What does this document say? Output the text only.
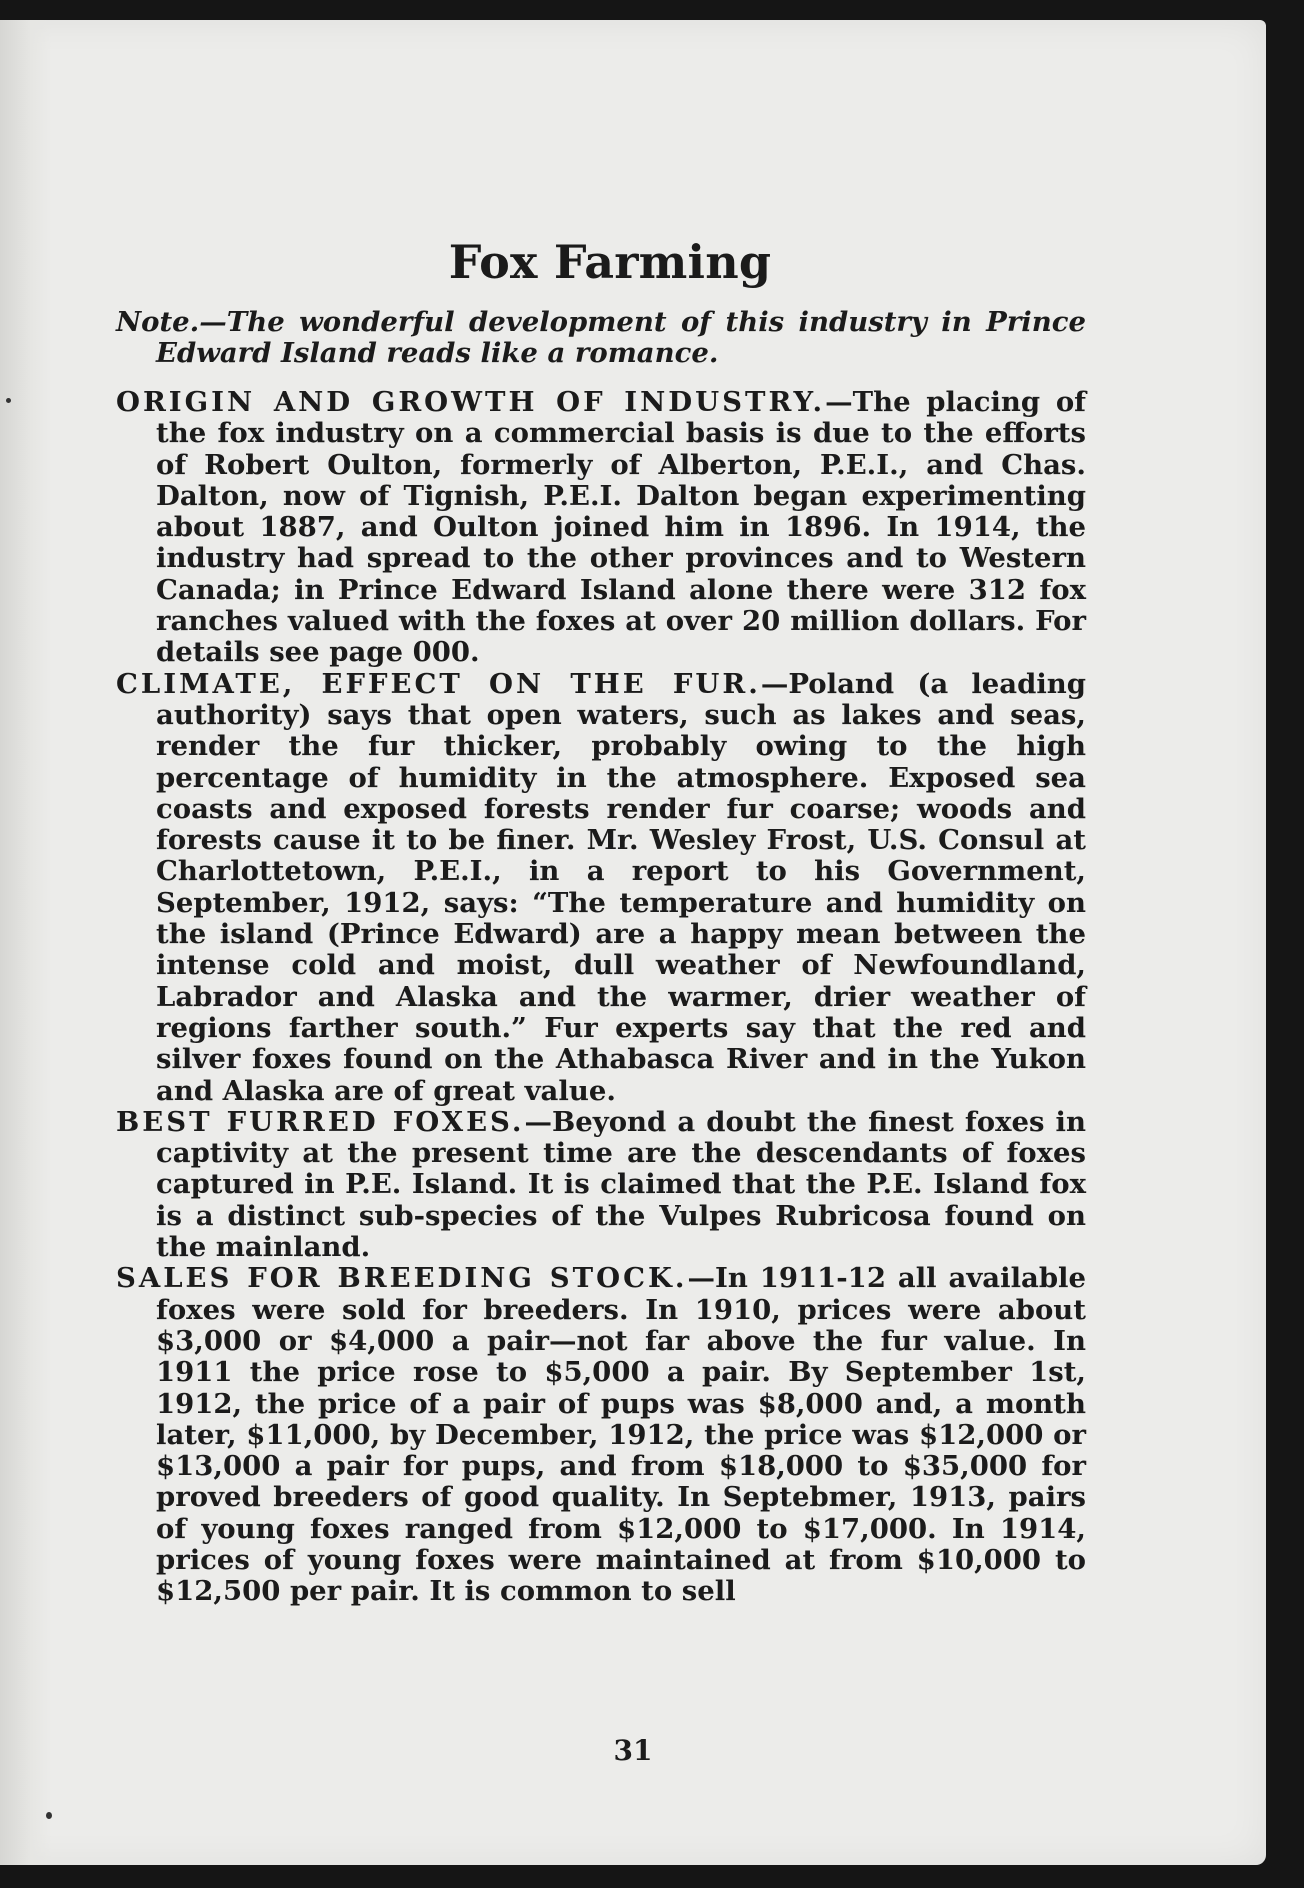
31
Fox Farming

Note.—The wonderful development of this industry in Prince Edward Island reads like a romance.

ORIGIN AND GROWTH OF INDUSTRY.—The placing of the fox industry on a commercial basis is due to the efforts of Robert Oulton, formerly of Alberton, P.E.I., and Chas. Dalton, now of Tignish, P.E.I. Dalton began experimenting about 1887, and Oulton joined him in 1896. In 1914, the industry had spread to the other provinces and to Western Canada; in Prince Edward Island alone there were 312 fox ranches valued with the foxes at over 20 million dollars. For details see page 000.

CLIMATE, EFFECT ON THE FUR.—Poland (a leading authority) says that open waters, such as lakes and seas, render the fur thicker, probably owing to the high percentage of humidity in the atmosphere. Exposed sea coasts and exposed forests render fur coarse; woods and forests cause it to be finer. Mr. Wesley Frost, U.S. Consul at Charlottetown, P.E.I., in a report to his Government, September, 1912, says: “The temperature and humidity on the island (Prince Edward) are a happy mean between the intense cold and moist, dull weather of Newfoundland, Labrador and Alaska and the warmer, drier weather of regions farther south.” Fur experts say that the red and silver foxes found on the Athabasca River and in the Yukon and Alaska are of great value.

BEST FURRED FOXES.—Beyond a doubt the finest foxes in captivity at the present time are the descendants of foxes captured in P.E. Island. It is claimed that the P.E. Island fox is a distinct sub-species of the Vulpes Rubricosa found on the mainland.

SALES FOR BREEDING STOCK.—In 1911-12 all available foxes were sold for breeders. In 1910, prices were about $3,000 or $4,000 a pair—not far above the fur value. In 1911 the price rose to $5,000 a pair. By September 1st, 1912, the price of a pair of pups was $8,000 and, a month later, $11,000, by December, 1912, the price was $12,000 or $13,000 a pair for pups, and from $18,000 to $35,000 for proved breeders of good quality. In Septebmer, 1913, pairs of young foxes ranged from $12,000 to $17,000. In 1914, prices of young foxes were maintained at from $10,000 to $12,500 per pair. It is common to sell
